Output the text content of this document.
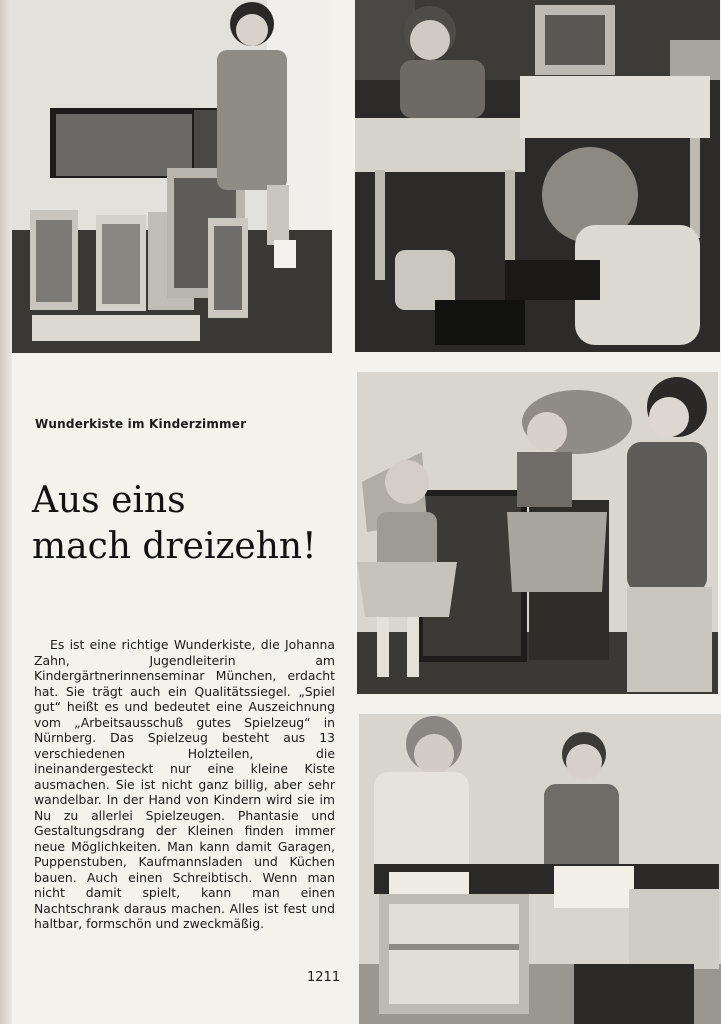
Wunderkiste im Kinderzimmer
Aus eins
mach dreizehn!

Es ist eine richtige Wunderkiste, die Johanna Zahn, Jugendleiterin am Kindergärtnerinnenseminar München, erdacht hat. Sie trägt auch ein Qualitätssiegel. „Spiel gut“ heißt es und bedeutet eine Auszeichnung vom „Arbeitsausschuß gutes Spielzeug“ in Nürnberg. Das Spielzeug besteht aus 13 verschiedenen Holzteilen, die ineinandergesteckt nur eine kleine Kiste ausmachen. Sie ist nicht ganz billig, aber sehr wandelbar. In der Hand von Kindern wird sie im Nu zu allerlei Spielzeugen. Phantasie und Gestaltungsdrang der Kleinen finden immer neue Möglichkeiten. Man kann damit Garagen, Puppenstuben, Kaufmannsladen und Küchen bauen. Auch einen Schreibtisch. Wenn man nicht damit spielt, kann man einen Nachtschrank daraus machen. Alles ist fest und haltbar, formschön und zweckmäßig.

1211
